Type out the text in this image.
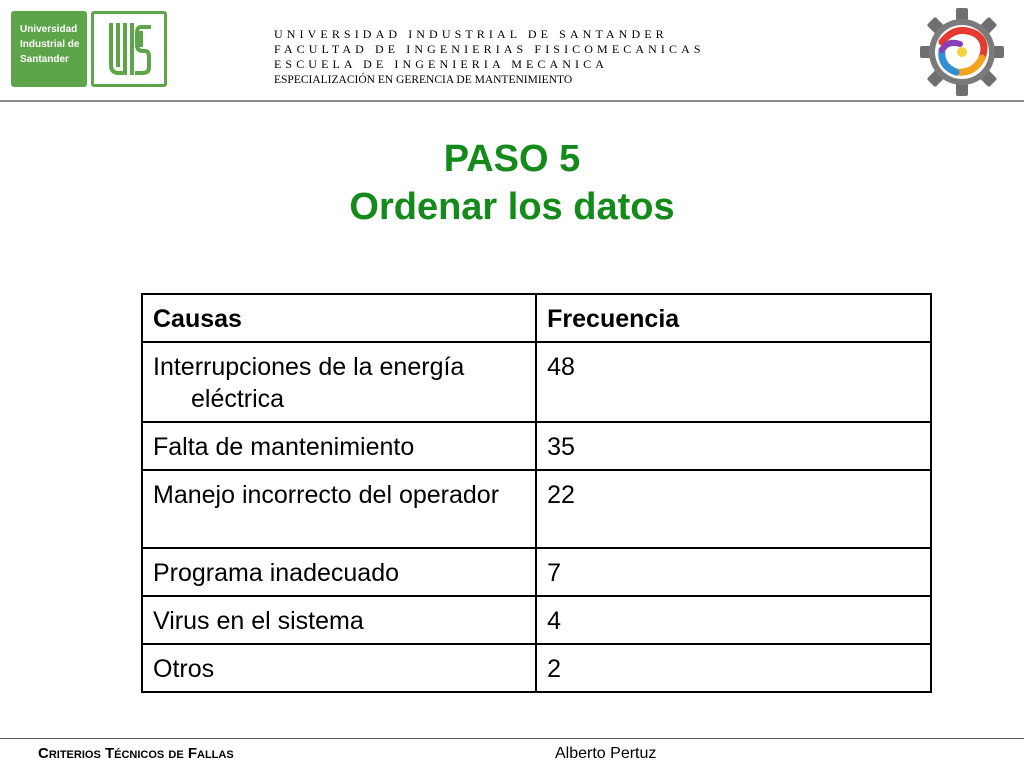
Universidad
Industrial de
Santander
UNIVERSIDAD INDUSTRIAL DE SANTANDER
FACULTAD DE INGENIERIAS FISICOMECANICAS
ESCUELA DE INGENIERIA MECANICA
ESPECIALIZACIÓN EN GERENCIA DE MANTENIMIENTO
PASO 5
Ordenar los datos
Causas	Frecuencia

Interrupciones de la energía eléctrica	48

Falta de mantenimiento	35

Manejo incorrecto del operador	22

Programa inadecuado	7

Virus en el sistema	4

Otros	2
Criterios Técnicos de Fallas	Alberto Pertuz
